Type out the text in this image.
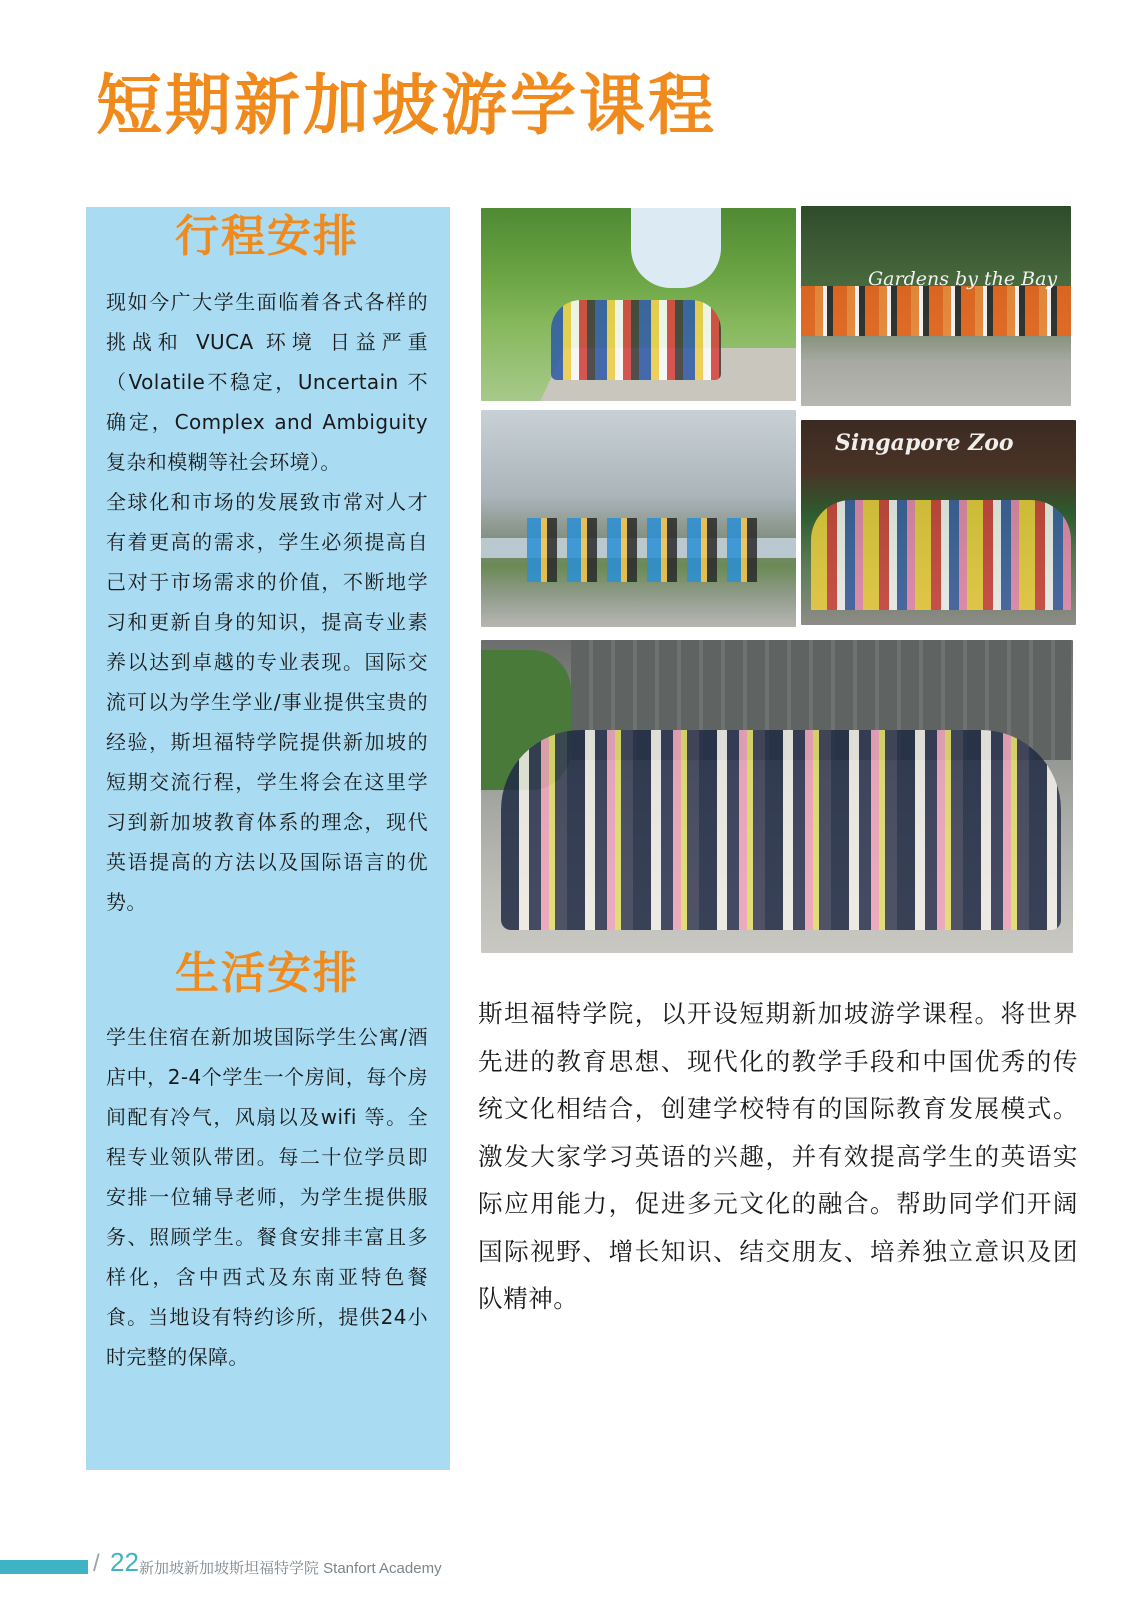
短期新加坡游学课程
行程安排

现如今广大学生面临着各式各样的 挑战和 VUCA 环境 日益严重（Volatile不稳定，Uncertain 不确定，Complex and Ambiguity 复杂和模糊等社会环境）。

全球化和市场的发展致市常对人才有着更高的需求，学生必须提高自己对于市场需求的价值，不断地学习和更新自身的知识，提高专业素养以达到卓越的专业表现。国际交流可以为学生学业/事业提供宝贵的经验，斯坦福特学院提供新加坡的短期交流行程，学生将会在这里学习到新加坡教育体系的理念，现代英语提高的方法以及国际语言的优势。

生活安排

学生住宿在新加坡国际学生公寓/酒店中，2-4个学生一个房间，每个房间配有冷气，风扇以及wifi 等。全程专业领队带团。每二十位学员即安排一位辅导老师，为学生提供服务、照顾学生。餐食安排丰富且多样化，含中西式及东南亚特色餐食。当地设有特约诊所，提供24小时完整的保障。

Gardens by the Bay
Singapore Zoo

斯坦福特学院，以开设短期新加坡游学课程。将世界先进的教育思想、现代化的教学手段和中国优秀的传统文化相结合，创建学校特有的国际教育发展模式。激发大家学习英语的兴趣，并有效提高学生的英语实际应用能力，促进多元文化的融合。帮助同学们开阔国际视野、增长知识、结交朋友、培养独立意识及团队精神。

/ 22 新加坡新加坡斯坦福特学院 Stanfort Academy
